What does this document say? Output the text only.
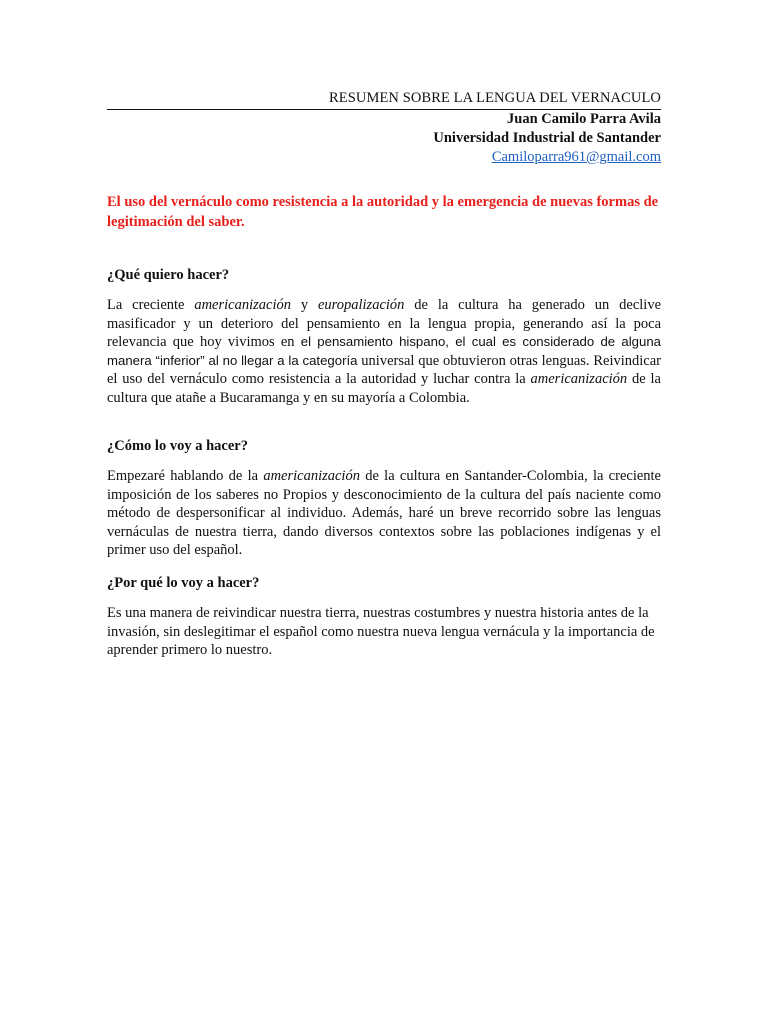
RESUMEN SOBRE LA LENGUA DEL VERNACULO
Juan Camilo Parra Avila
Universidad Industrial de Santander
Camiloparra961@gmail.com
El uso del vernáculo como resistencia a la autoridad y la emergencia de nuevas formas de legitimación del saber.

¿Qué quiero hacer?

La creciente americanización y europalización de la cultura ha generado un declive masificador y un deterioro del pensamiento en la lengua propia, generando así la poca relevancia que hoy vivimos en el pensamiento hispano, el cual es considerado de alguna manera “inferior” al no llegar a la categoría universal que obtuvieron otras lenguas. Reivindicar el uso del vernáculo como resistencia a la autoridad y luchar contra la americanización de la cultura que atañe a Bucaramanga y en su mayoría a Colombia.

¿Cómo lo voy a hacer?

Empezaré hablando de la americanización de la cultura en Santander-Colombia, la creciente imposición de los saberes no Propios y desconocimiento de la cultura del país naciente como método de despersonificar al individuo. Además, haré un breve recorrido sobre las lenguas vernáculas de nuestra tierra, dando diversos contextos sobre las poblaciones indígenas y el primer uso del español.

¿Por qué lo voy a hacer?

Es una manera de reivindicar nuestra tierra, nuestras costumbres y nuestra historia antes de la invasión, sin deslegitimar el español como nuestra nueva lengua vernácula y la importancia de aprender primero lo nuestro.
